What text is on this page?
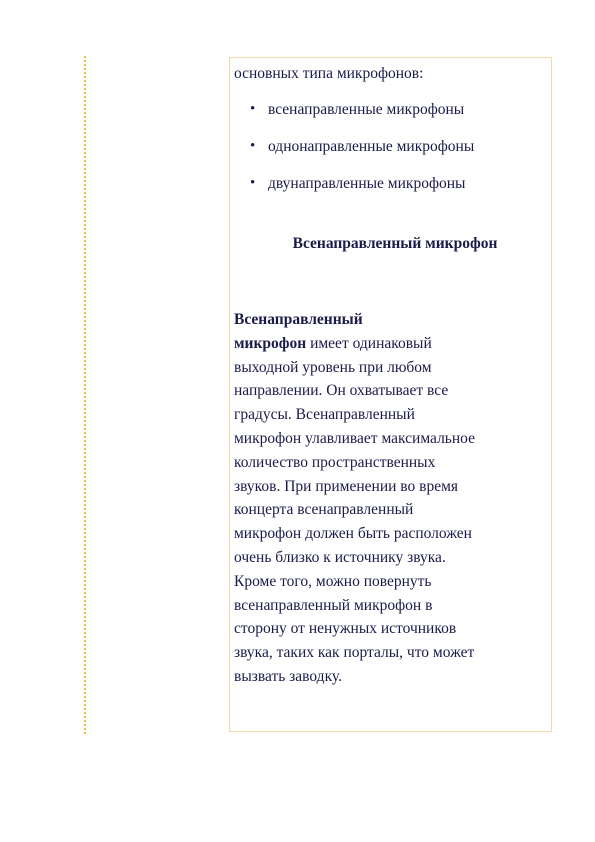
основных типа микрофонов:

• всенаправленные микрофоны
• однонаправленные микрофоны
• двунаправленные микрофоны

Всенаправленный микрофон

Всенаправленный
микрофон имеет одинаковый
выходной уровень при любом
направлении. Он охватывает все
градусы. Всенаправленный
микрофон улавливает максимальное
количество пространственных
звуков. При применении во время
концерта всенаправленный
микрофон должен быть расположен
очень близко к источнику звука.
Кроме того, можно повернуть
всенаправленный микрофон в
сторону от ненужных источников
звука, таких как порталы, что может
вызвать заводку.
